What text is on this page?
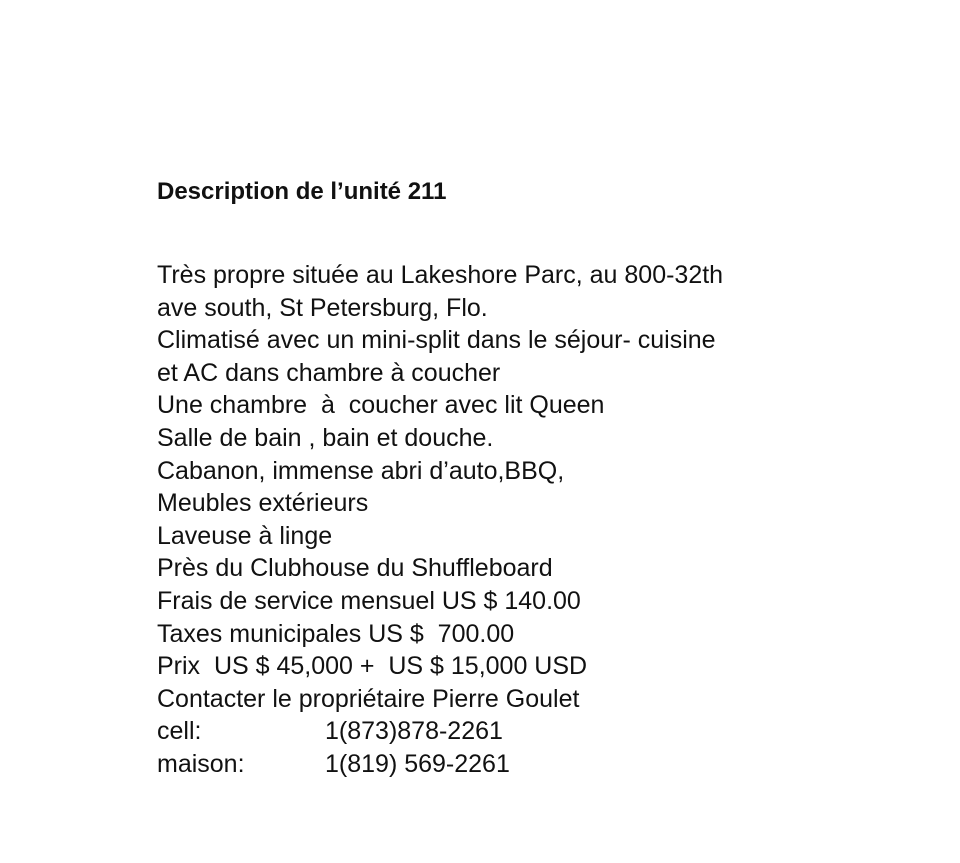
Description de l’unité 211
Très propre située au Lakeshore Parc, au 800-32th
ave south, St Petersburg, Flo.
Climatisé avec un mini-split dans le séjour- cuisine
et AC dans chambre à coucher
Une chambre  à  coucher avec lit Queen
Salle de bain , bain et douche.
Cabanon, immense abri d’auto,BBQ,
Meubles extérieurs
Laveuse à linge
Près du Clubhouse du Shuffleboard
Frais de service mensuel US $ 140.00
Taxes municipales US $  700.00
Prix  US $ 45,000 +  US $ 15,000 USD
Contacter le propriétaire Pierre Goulet
cell:	1(873)878-2261
maison:	1(819) 569-2261
